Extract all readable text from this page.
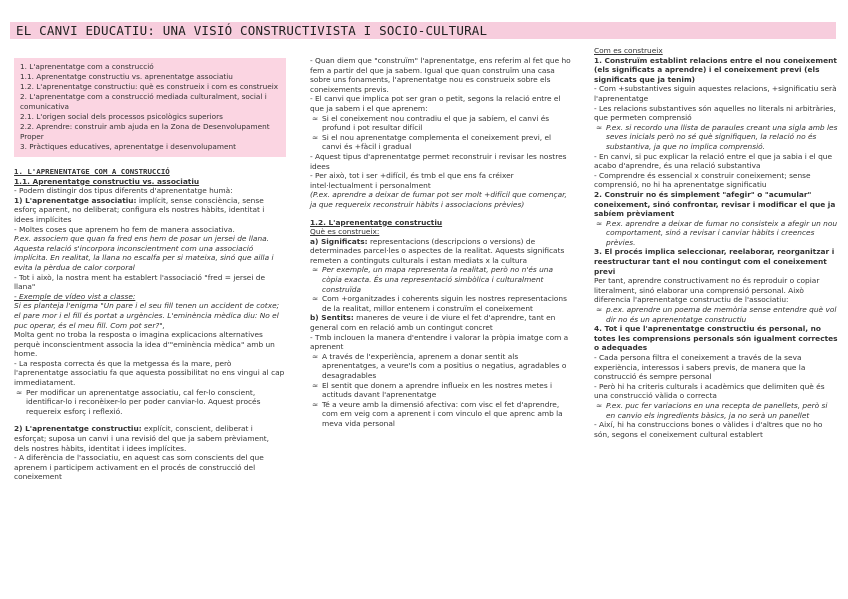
EL CANVI EDUCATIU: UNA VISIÓ CONSTRUCTIVISTA I SOCIO-CULTURAL
1. L'aprenentatge com a construcció
1.1. Aprenentatge constructiu vs. aprenentatge associatiu
1.2. L'aprenentatge constructiu: què es construeix i com es construeix
2. L'aprenentatge com a construcció mediada culturalment, social i comunicativa
2.1. L'origen social dels processos psicològics superiors
2.2. Aprendre: construir amb ajuda en la Zona de Desenvolupament Proper
3. Pràctiques educatives, aprenentatge i desenvolupament

1. L'APRENENTATGE COM A CONSTRUCCIÓ

1.1. Aprenentatge constructiu vs. associatiu

- Podem distingir dos tipus diferents d'aprenentatge humà:

1) L'aprenentatge associatiu: implícit, sense consciència, sense esforç aparent, no deliberat; configura els nostres hàbits, identitat i idees implícites

- Moltes coses que aprenem ho fem de manera associativa.

P.ex. associem que quan fa fred ens hem de posar un jersei de llana. Aquesta relació s'incorpora inconscientment com una associació implícita. En realitat, la llana no escalfa per si mateixa, sinó que ailla i evita la pèrdua de calor corporal

- Tot i això, la nostra ment ha establert l'associació "fred = jersei de llana"

- Exemple de vídeo vist a classe:

Si es planteja l'enigma "Un pare i el seu fill tenen un accident de cotxe; el pare mor i el fill és portat a urgències. L'eminència mèdica diu: No el puc operar, és el meu fill. Com pot ser?",

Molta gent no troba la resposta o imagina explicacions alternatives perquè inconscientment associa la idea d'"eminència mèdica" amb un home.

- La resposta correcta és que la metgessa és la mare, però l'aprenentatge associatiu fa que aquesta possibilitat no ens vingui al cap immediatament.

≈ Per modificar un aprenentatge associatiu, cal fer-lo conscient, identificar-lo i reconèixer-lo per poder canviar-lo. Aquest procés requereix esforç i reflexió.

2) L'aprenentatge constructiu: explícit, conscient, deliberat i esforçat; suposa un canvi i una revisió del que ja sabem prèviament, dels nostres hàbits, identitat i idees implícites.

- A diferència de l'associatiu, en aquest cas som conscients del que aprenem i participem activament en el procés de construcció del coneixement

- Quan diem que "construïm" l'aprenentatge, ens referim al fet que ho fem a partir del que ja sabem. Igual que quan construïm una casa sobre uns fonaments, l'aprenentatge nou es construeix sobre els coneixements previs.

- El canvi que implica pot ser gran o petit, segons la relació entre el que ja sabem i el que aprenem:

≈ Si el coneixement nou contradiu el que ja sabíem, el canvi és profund i pot resultar difícil

≈ Si el nou aprenentatge complementa el coneixement previ, el canvi és +fàcil i gradual

- Aquest tipus d'aprenentatge permet reconstruir i revisar les nostres idees

- Per això, tot i ser +difícil, és tmb el que ens fa créixer intel·lectualment i personalment

(P.ex. aprendre a deixar de fumar pot ser molt +difícil que començar, ja que requereix reconstruir hàbits i associacions prèvies)

1.2. L'aprenentatge constructiu

Què es construeix:

a) Significats: representacions (descripcions o versions) de determinades parcel·les o aspectes de la realitat. Aquests significats remeten a continguts culturals i estan mediats x la cultura

≈ Per exemple, un mapa representa la realitat, però no n'és una còpia exacta. És una representació simbòlica i culturalment construïda

≈ Com +organitzades i coherents siguin les nostres representacions de la realitat, millor entenem i construïm el coneixement

b) Sentits: maneres de veure i de viure el fet d'aprendre, tant en general com en relació amb un contingut concret

- Tmb inclouen la manera d'entendre i valorar la pròpia imatge com a aprenent

≈ A través de l'experiència, aprenem a donar sentit als aprenentatges, a veure'ls com a positius o negatius, agradables o desagradables

≈ El sentit que donem a aprendre influeix en les nostres metes i actituds davant l'aprenentatge

≈ Té a veure amb la dimensió afectiva: com visc el fet d'aprendre, com em veig com a aprenent i com vinculo el que aprenc amb la meva vida personal

Com es construeix

1. Construïm establint relacions entre el nou coneixement (els significats a aprendre) i el coneixement previ (els significats que ja tenim)

- Com +substantives siguin aquestes relacions, +significatiu serà l'aprenentatge

- Les relacions substantives són aquelles no literals ni arbitràries, que permeten comprensió

≈ P.ex. si recordo una llista de paraules creant una sigla amb les seves inicials però no sé què signifiquen, la relació no és substantiva, ja que no implica comprensió.

- En canvi, si puc explicar la relació entre el que ja sabia i el que acabo d'aprendre, és una relació substantiva

- Comprendre és essencial x construir coneixement; sense comprensió, no hi ha aprenentatge significatiu

2. Construir no és simplement "afegir" o "acumular" coneixement, sinó confrontar, revisar i modificar el que ja sabíem prèviament

≈ P.ex. aprendre a deixar de fumar no consisteix a afegir un nou comportament, sinó a revisar i canviar hàbits i creences prèvies.

3. El procés implica seleccionar, reelaborar, reorganitzar i reestructurar tant el nou contingut com el coneixement previ

Per tant, aprendre constructivament no és reproduir o copiar literalment, sinó elaborar una comprensió personal. Això diferencia l'aprenentatge constructiu de l'associatiu:

≈ p.ex. aprendre un poema de memòria sense entendre què vol dir no és un aprenentatge constructiu

4. Tot i que l'aprenentatge constructiu és personal, no totes les comprensions personals són igualment correctes o adequades

- Cada persona filtra el coneixement a través de la seva experiència, interessos i sabers previs, de manera que la construcció és sempre personal

- Però hi ha criteris culturals i acadèmics que delimiten què és una construcció vàlida o correcta

≈ P.ex. puc fer variacions en una recepta de panellets, però si en canvio els ingredients bàsics, ja no serà un panellet

- Així, hi ha construccions bones o vàlides i d'altres que no ho són, segons el coneixement cultural establert
